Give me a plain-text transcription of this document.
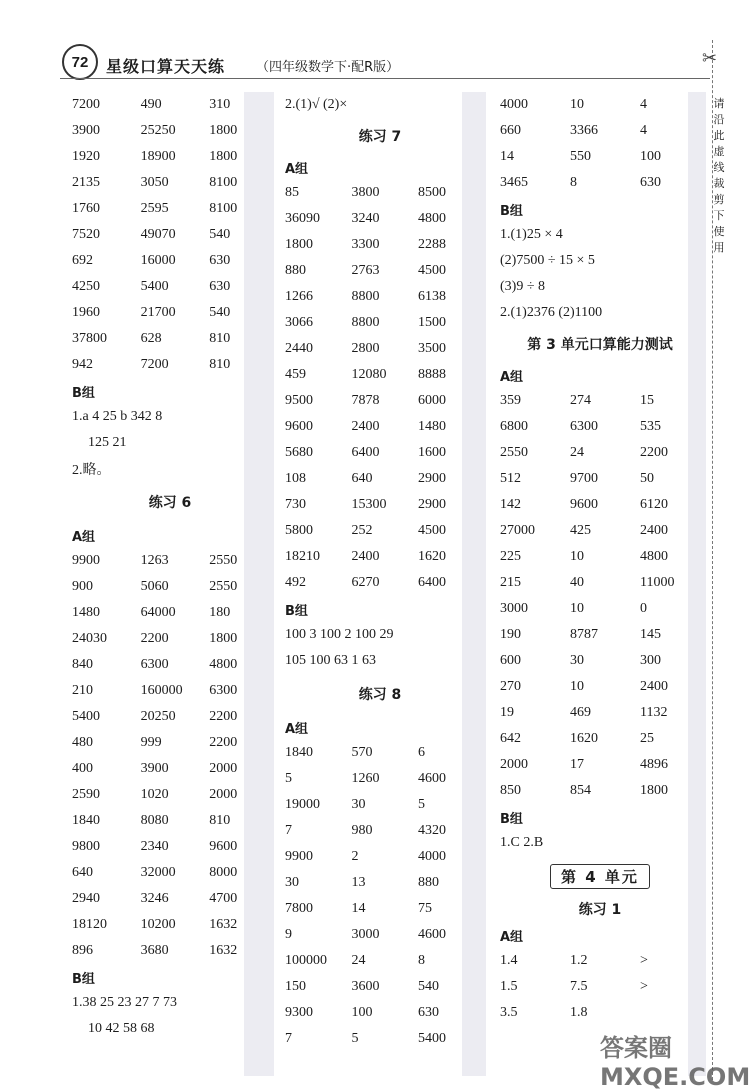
72	星级口算天天练 （四年级数学下·配R版）	✂
请
沿
此
虚
线
裁
剪
下
使
用
7200	490	310
3900	25250	1800
1920	18900	1800
2135	3050	8100
1760	2595	8100
7520	49070	540
692	16000	630
4250	5400	630
1960	21700	540
37800	628	810
942	7200	810
B组
1.a 4 25 b 342 8
125 21
2.略。
练习 6
A组
9900	1263	2550
900	5060	2550
1480	64000	180
24030	2200	1800
840	6300	4800
210	160000	6300
5400	20250	2200
480	999	2200
400	3900	2000
2590	1020	2000
1840	8080	810
9800	2340	9600
640	32000	8000
2940	3246	4700
18120	10200	1632
896	3680	1632
B组
1.38 25 23 27 7 73
10 42 58 68
2.(1)√ (2)×
练习 7
A组
85	3800	8500
36090	3240	4800
1800	3300	2288
880	2763	4500
1266	8800	6138
3066	8800	1500
2440	2800	3500
459	12080	8888
9500	7878	6000
9600	2400	1480
5680	6400	1600
108	640	2900
730	15300	2900
5800	252	4500
18210	2400	1620
492	6270	6400
B组
100 3 100 2 100 29
105 100 63 1 63
练习 8
A组
1840	570	6
5	1260	4600
19000	30	5
7	980	4320
9900	2	4000
30	13	880
7800	14	75
9	3000	4600
100000	24	8
150	3600	540
9300	100	630
7	5	5400
4000	10	4
660	3366	4
14	550	100
3465	8	630
B组
1.(1)25 × 4
(2)7500 ÷ 15 × 5
(3)9 ÷ 8
2.(1)2376 (2)1100
第 3 单元口算能力测试
A组
359	274	15
6800	6300	535
2550	24	2200
512	9700	50
142	9600	6120
27000	425	2400
225	10	4800
215	40	11000
3000	10	0
190	8787	145
600	30	300
270	10	2400
19	469	1132
642	1620	25
2000	17	4896
850	854	1800
B组
1.C 2.B
第 4 单元
练习 1
A组
1.4	1.2	>
1.5	7.5	>
3.5	1.8
答案圈 MXQE.COM
